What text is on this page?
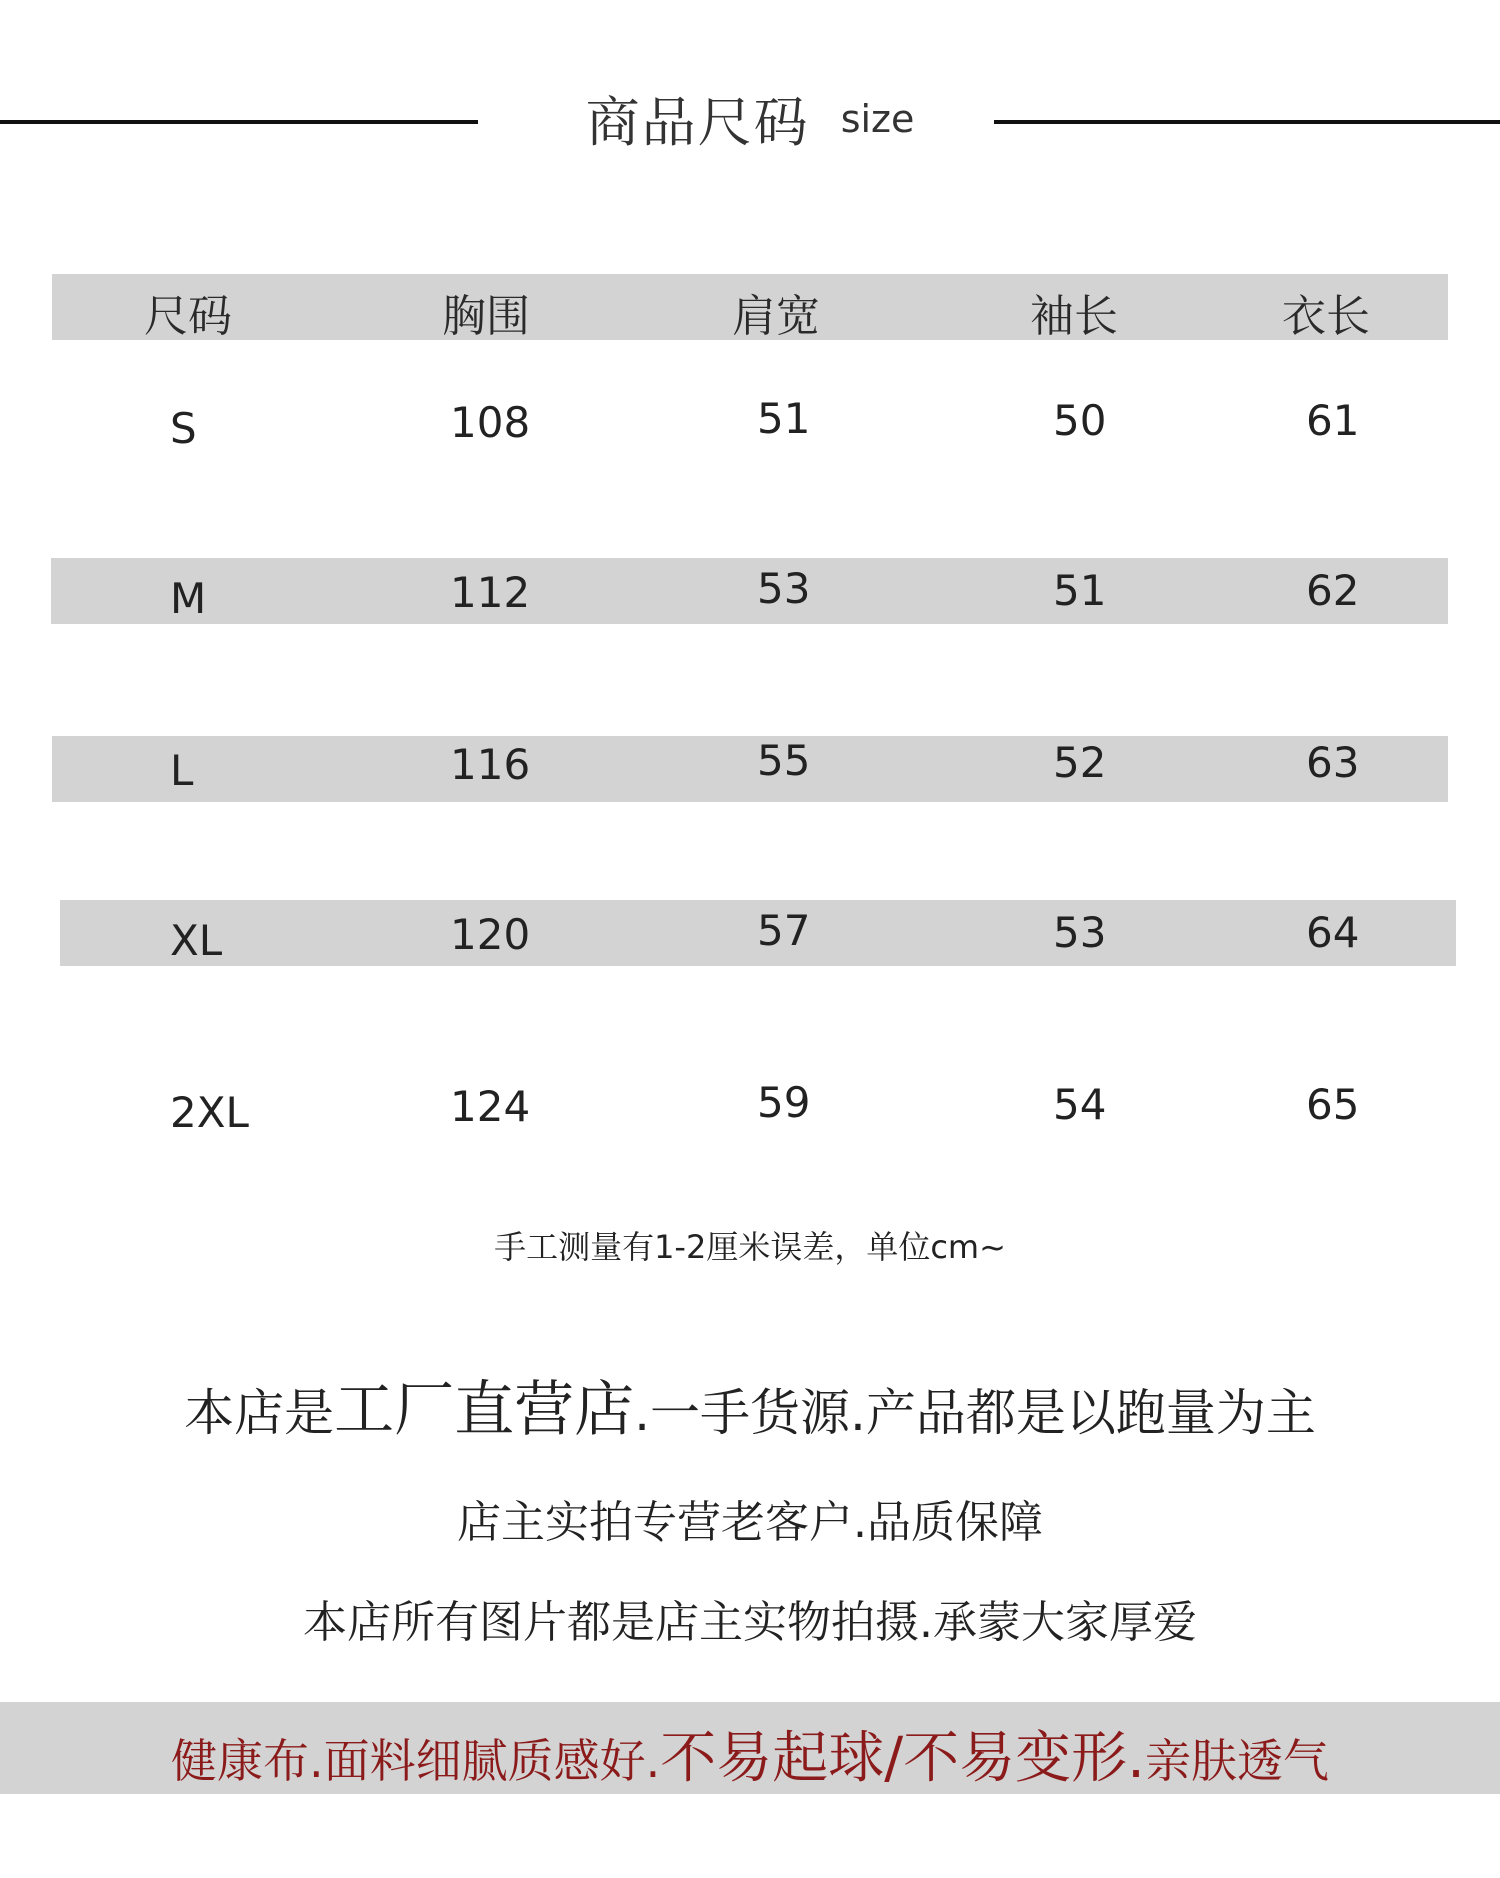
商品尺码 size
尺码	胸围	肩宽	袖长	衣长
S	108	51	50	61
M	112	53	51	62
L	116	55	52	63
XL	120	57	53	64
2XL	124	59	54	65
手工测量有1-2厘米误差，单位cm~
本店是工厂直营店.一手货源.产品都是以跑量为主
店主实拍专营老客户.品质保障
本店所有图片都是店主实物拍摄.承蒙大家厚爱
健康布.面料细腻质感好.不易起球/不易变形.亲肤透气
